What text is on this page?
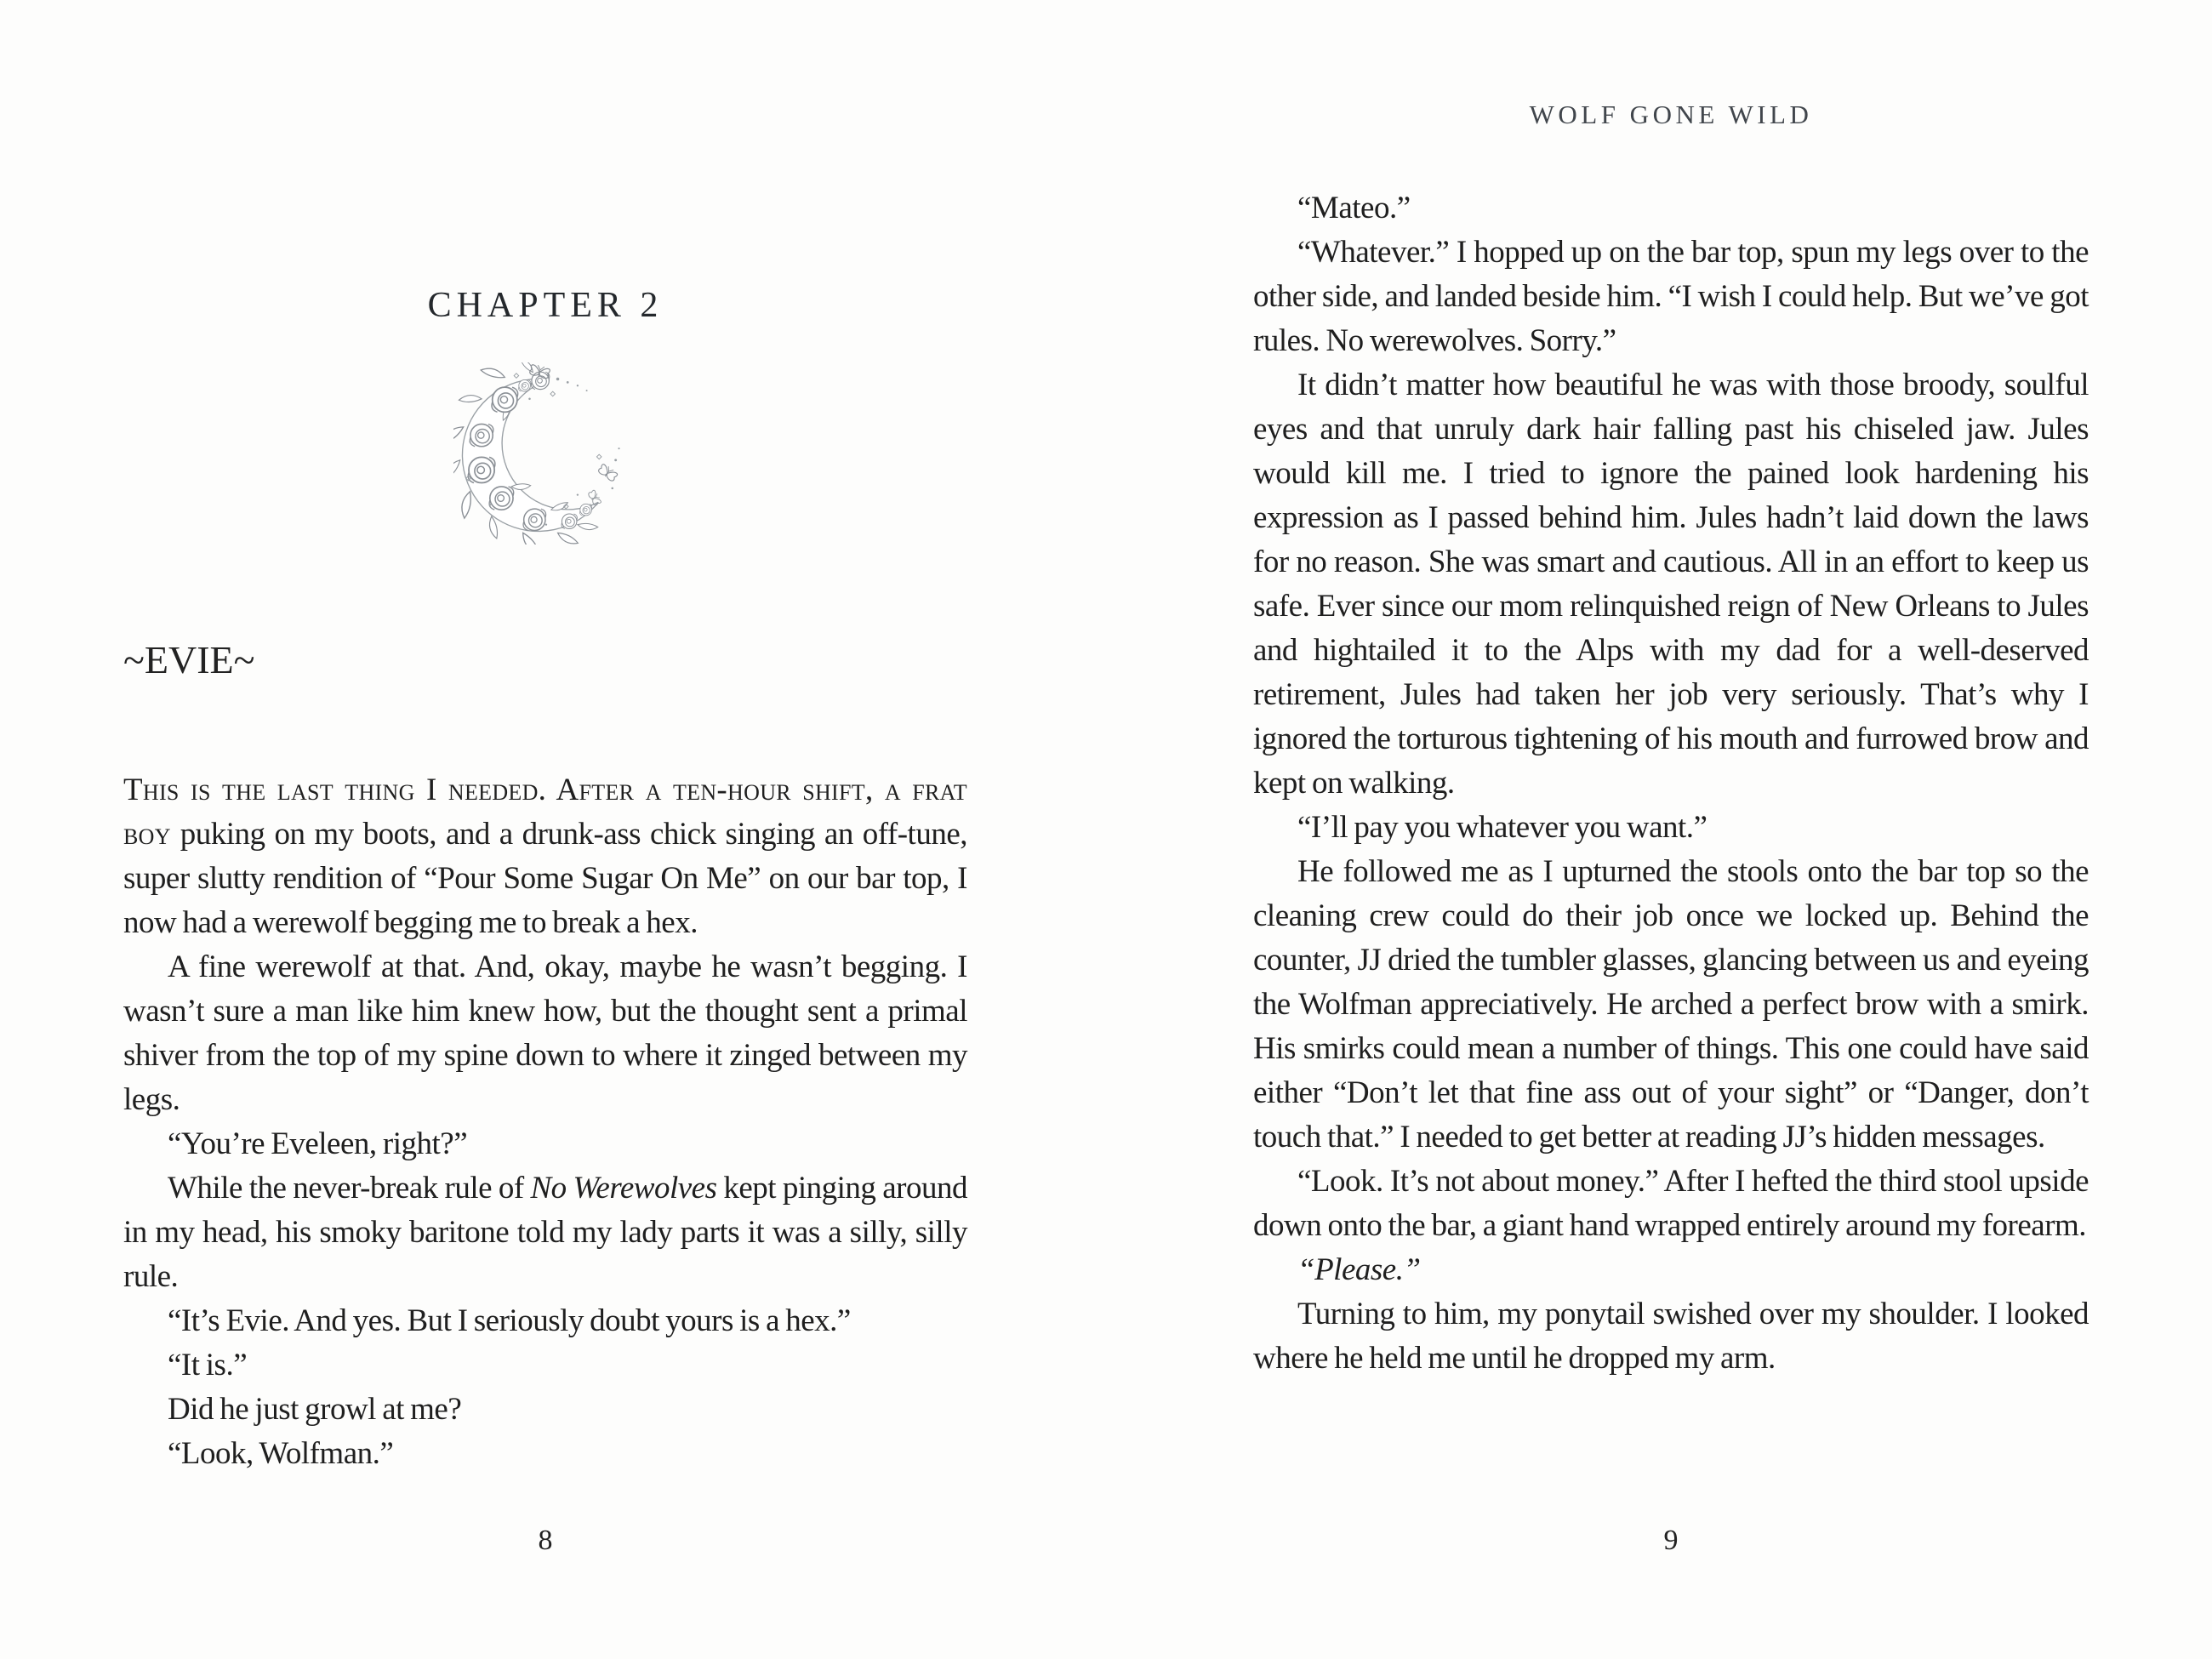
CHAPTER 2
~EVIE~

This is the last thing I needed. After a ten-hour shift, a frat boy puking on my boots, and a drunk-ass chick singing an off-tune, super slutty rendition of “Pour Some Sugar On Me” on our bar top, I now had a werewolf begging me to break a hex.

A fine werewolf at that. And, okay, maybe he wasn’t begging. I wasn’t sure a man like him knew how, but the thought sent a primal shiver from the top of my spine down to where it zinged between my legs.

“You’re Eveleen, right?”

While the never-break rule of No Werewolves kept pinging around in my head, his smoky baritone told my lady parts it was a silly, silly rule.

“It’s Evie. And yes. But I seriously doubt yours is a hex.”

“It is.”

Did he just growl at me?

“Look, Wolfman.”

8
WOLF GONE WILD

“Mateo.”

“Whatever.” I hopped up on the bar top, spun my legs over to the other side, and landed beside him. “I wish I could help. But we’ve got rules. No werewolves. Sorry.”

It didn’t matter how beautiful he was with those broody, soulful eyes and that unruly dark hair falling past his chiseled jaw. Jules would kill me. I tried to ignore the pained look hardening his expression as I passed behind him. Jules hadn’t laid down the laws for no reason. She was smart and cautious. All in an effort to keep us safe. Ever since our mom relinquished reign of New Orleans to Jules and hightailed it to the Alps with my dad for a well-deserved retirement, Jules had taken her job very seriously. That’s why I ignored the torturous tightening of his mouth and furrowed brow and kept on walking.

“I’ll pay you whatever you want.”

He followed me as I upturned the stools onto the bar top so the cleaning crew could do their job once we locked up. Behind the counter, JJ dried the tumbler glasses, glancing between us and eyeing the Wolfman appreciatively. He arched a perfect brow with a smirk. His smirks could mean a number of things. This one could have said either “Don’t let that fine ass out of your sight” or “Danger, don’t touch that.” I needed to get better at reading JJ’s hidden messages.

“Look. It’s not about money.” After I hefted the third stool upside down onto the bar, a giant hand wrapped entirely around my forearm.

“Please.”

Turning to him, my ponytail swished over my shoulder. I looked where he held me until he dropped my arm.

9
